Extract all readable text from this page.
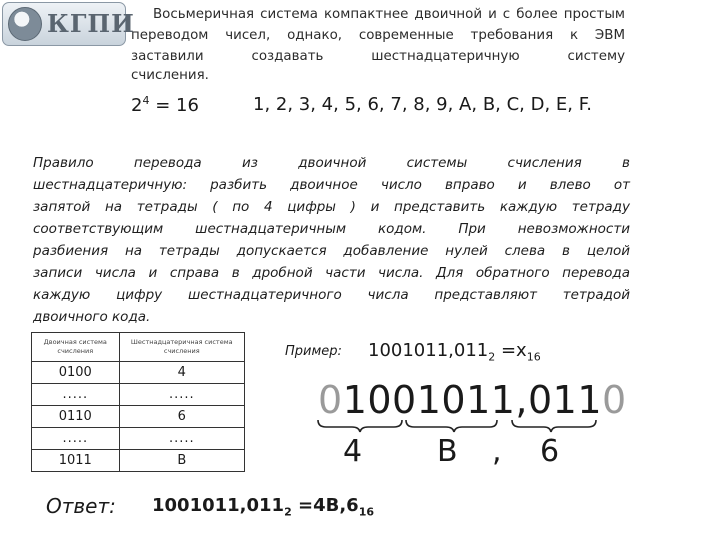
КГПИ	Восьмеричная система компактнее двоичной и с более простым переводом чисел, однако, современные требования к ЭВМ заставили создавать шестнадцатеричную систему
счисления.
$2^4 = 16$	1, 2, 3, 4, 5, 6, 7, 8, 9, A, B, C, D, E, F.
Правило перевода из двоичной системы счисления в
шестнадцатеричную: разбить двоичное число вправо и влево от
запятой на тетрады ( по 4 цифры ) и представить каждую тетраду
соответствующим шестнадцатеричным кодом. При невозможности
разбиения на тетрады допускается добавление нулей слева в целой
записи числа и справа в дробной части числа. Для обратного перевода
каждую цифру шестнадцатеричного числа представляют тетрадой
двоичного кода.
Двоичная система счисления	Шестнадцатеричная система счисления
0100	4
.....	.....
0110	6
.....	.....
1011	B
Пример: $1001011,011_2 =x_{16}$
01001011,0110
4 B , 6
Ответ: $1001011,011_2 =4B,6_{16}$
